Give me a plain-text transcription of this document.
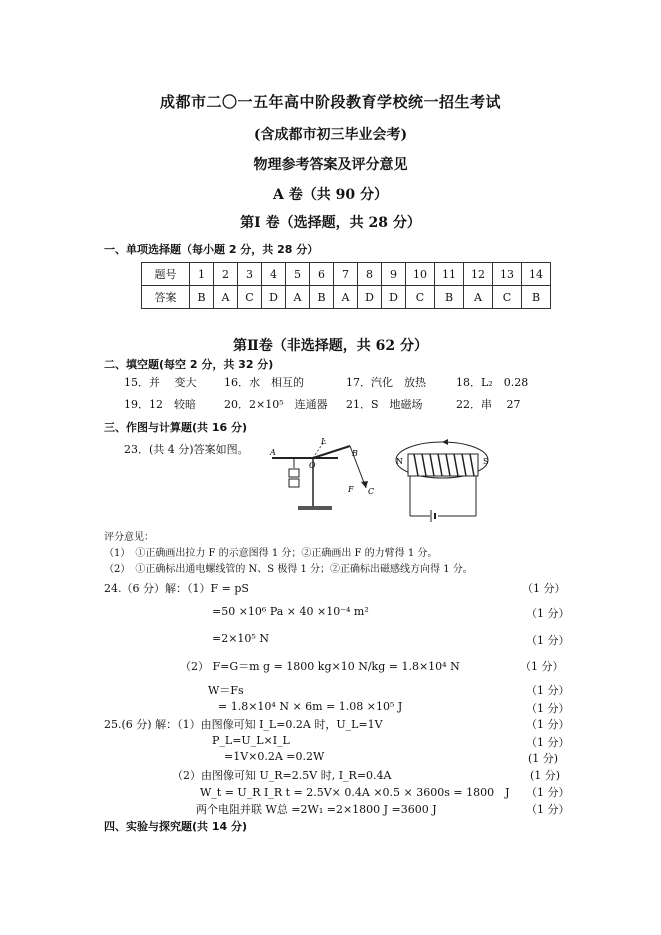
成都市二〇一五年高中阶段教育学校统一招生考试
(含成都市初三毕业会考)
物理参考答案及评分意见
A 卷（共 90 分）
第Ⅰ 卷（选择题，共 28 分）
一、单项选择题（每小题 2 分，共 28 分）
题号	1	2	3	4	5	6	7	8	9	10	11	12	13	14
答案	B	A	C	D	A	B	A	D	D	C	B	A	C	B
第Ⅱ卷（非选择题，共 62 分）
二、填空题(每空 2 分，共 32 分)
15．并　 变大	16．水　相互的	17．汽化　放热	18．L₂　0.28
19．12　较暗	20．2×10⁵　连通器 21．S　地磁场	22．串　 27
三、作图与计算题(共 16 分)
23．(共 4 分)答案如图。	A
O
L
B
F C
N	S
评分意见：
（1）　①正确画出拉力 F 的示意图得 1 分；②正确画出 F 的力臂得 1 分。
（2）　①正确标出通电螺线管的 N、S 极得 1 分；②正确标出磁感线方向得 1 分。
24.（6 分）解：（1）F = pS	（1 分）
=50 ×10⁶ Pa × 40 ×10⁻⁴ m²	（1 分）
=2×10⁵ N	（1 分）
（2） F=G＝m g = 1800 kg×10 N/kg = 1.8×10⁴ N	（1 分）
W＝Fs	（1 分）
= 1.8×10⁴ N × 6m = 1.08 ×10⁵ J	（1 分）
25.(6 分) 解：（1）由图像可知 I_L=0.2A 时，U_L=1V	（1 分）
P_L=U_L×I_L	（1 分）
=1V×0.2A =0.2W	(1 分)
（2）由图像可知 U_R=2.5V 时, I_R=0.4A	(1 分)
W_t = U_R I_R t = 2.5V× 0.4A ×0.5 × 3600s = 1800　J （1 分）
两个电阻并联 W总 =2W₁ =2×1800 J =3600 J	（1 分）
四、实验与探究题(共 14 分)
